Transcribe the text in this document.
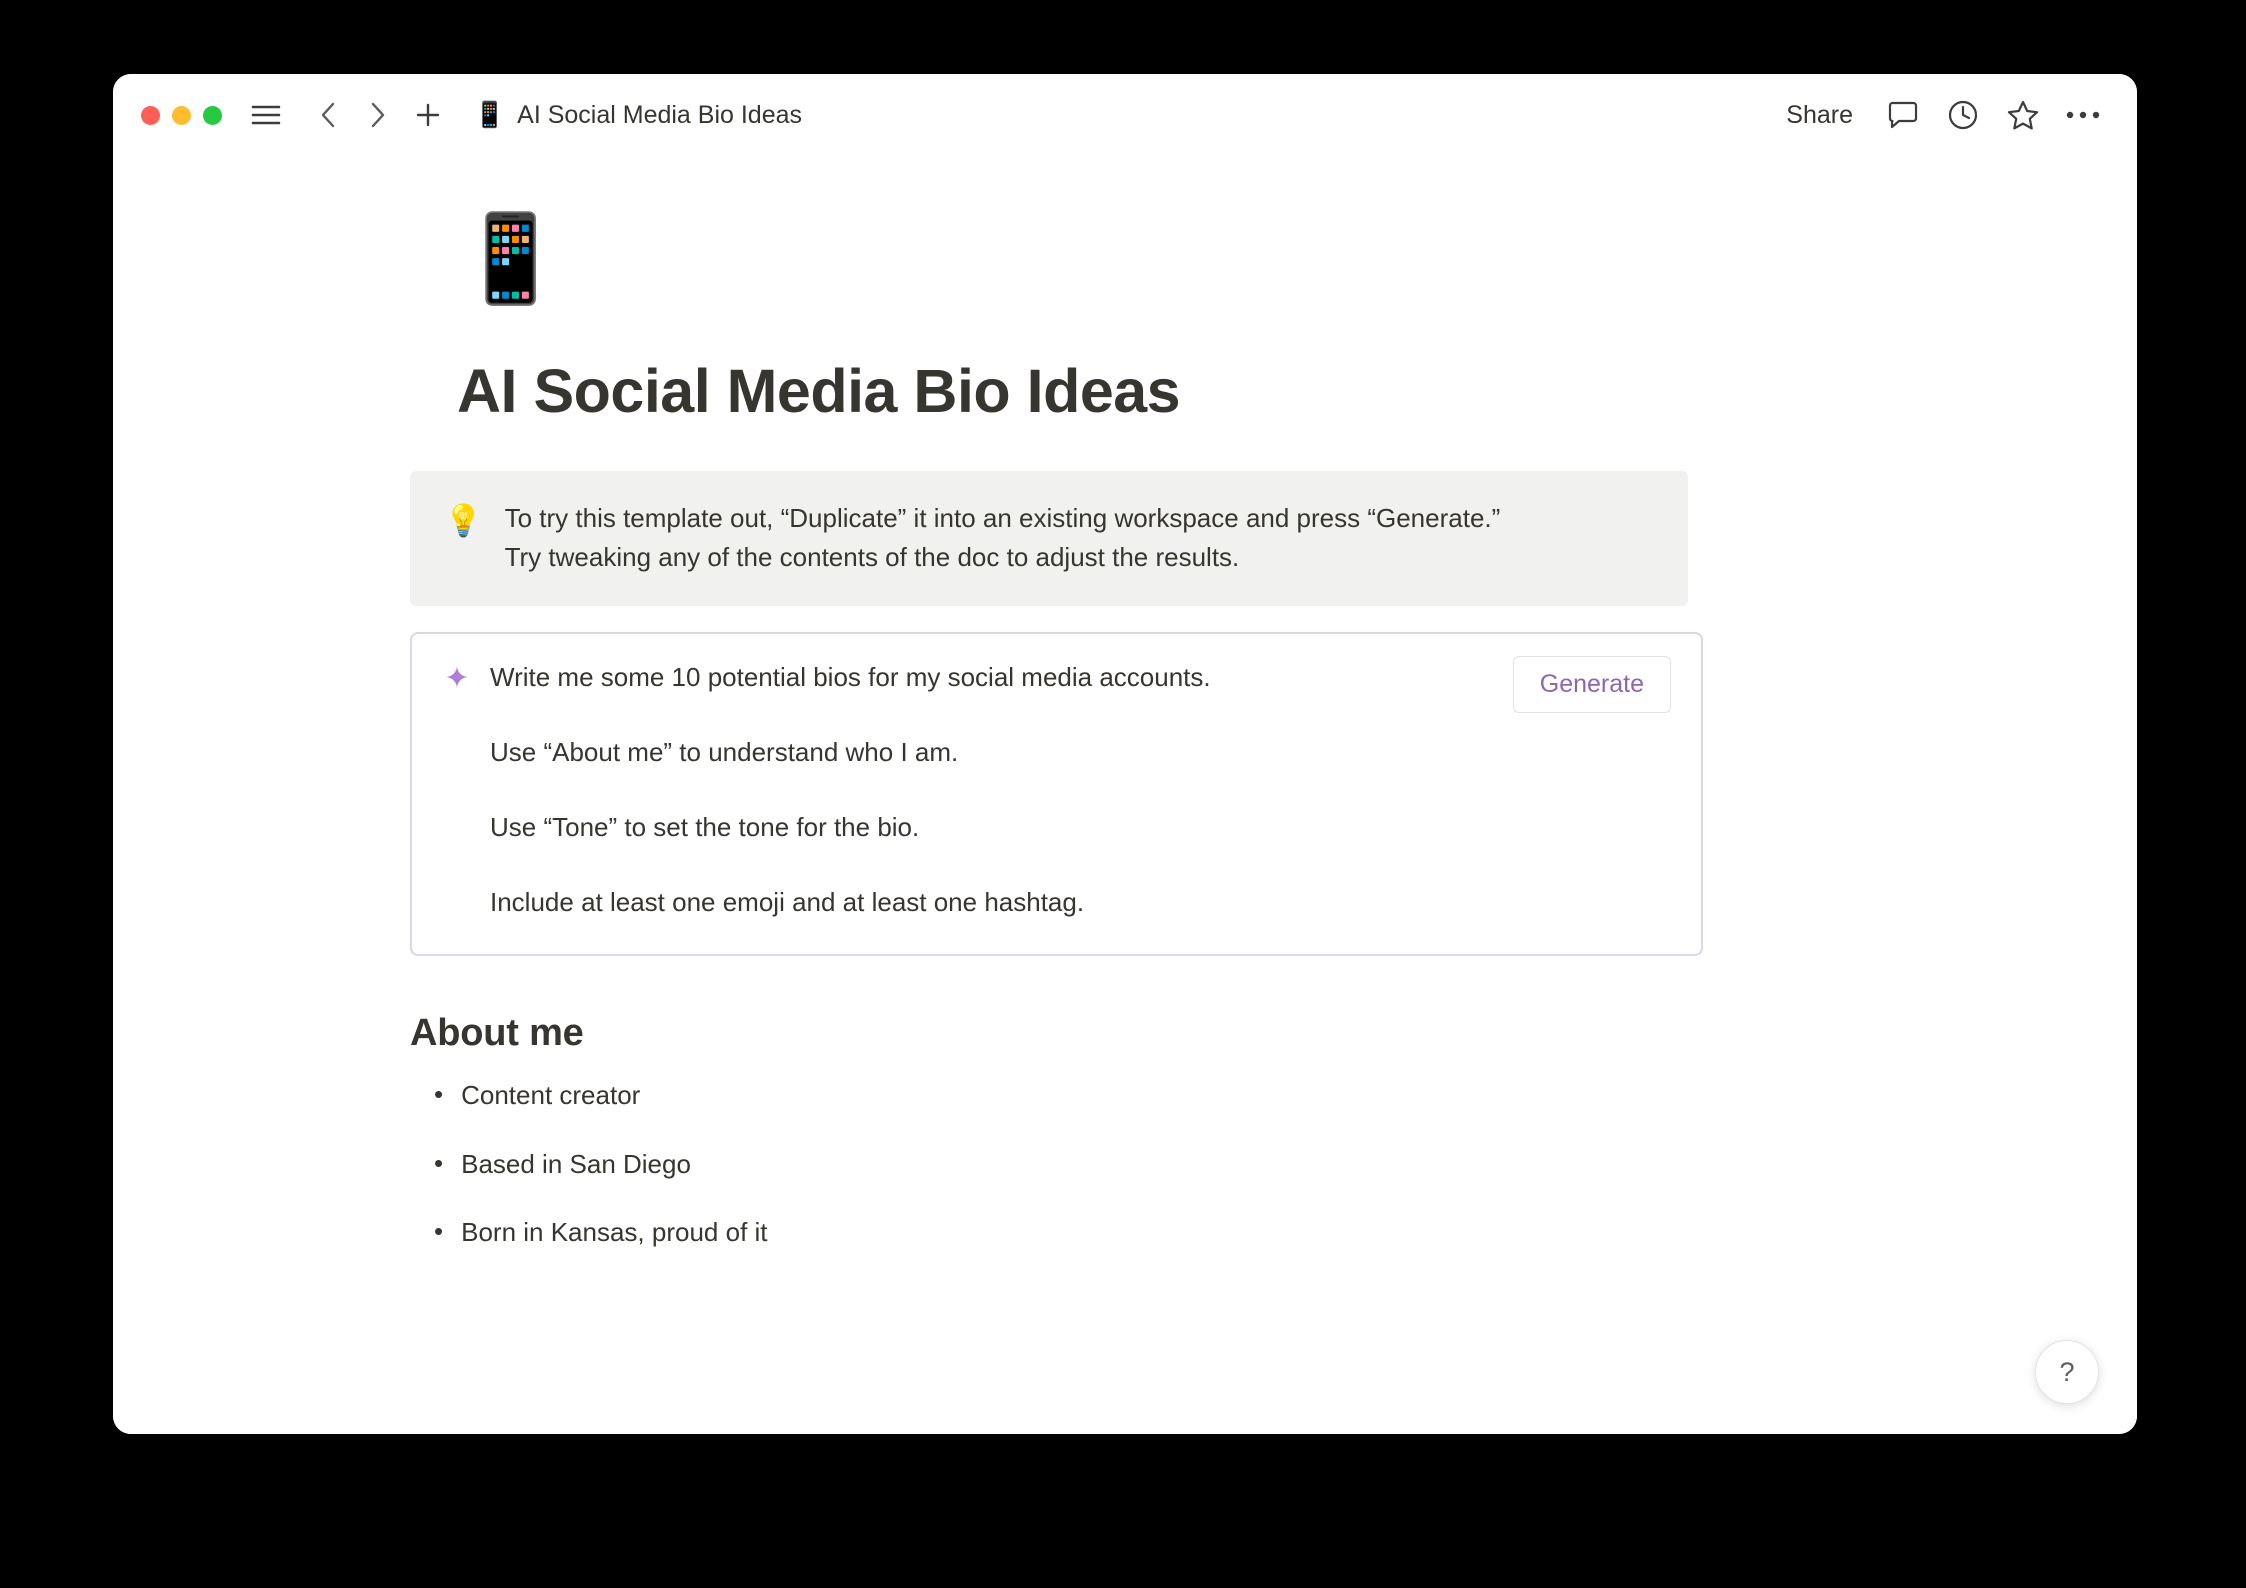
📱 AI Social Media Bio Ideas	Share
📱
AI Social Media Bio Ideas
💡 To try this template out, “Duplicate” it into an existing workspace and press “Generate.”
Try tweaking any of the contents of the doc to adjust the results.
✦ Write me some 10 potential bios for my social media accounts.
Use “About me” to understand who I am.
Use “Tone” to set the tone for the bio.
Include at least one emoji and at least one hashtag.
Generate
About me
• Content creator
• Based in San Diego
• Born in Kansas, proud of it
?
